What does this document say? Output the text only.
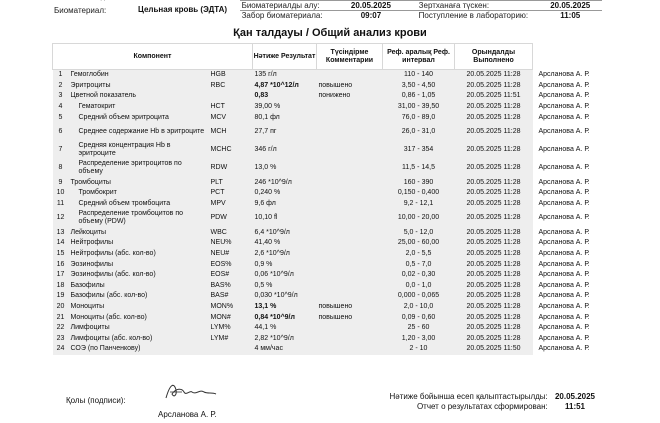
Биоматериал:	Цельная кровь (ЭДТА)	Биоматериалды алу:	20.05.2025	Зертханаға түскен:	20.05.2025
		Забор биоматериала:	09:07	Поступление в лабораторию:	11:05
Қан талдауы / Общий анализ крови
Компонент			Нәтиже Результат	Түсіндірме Комментарии	Реф. аралық Реф. интервал	Орындалды Выполнено	
1	Гемоглобин	HGB	135 г/л		110 - 140	20.05.2025 11:28	Арсланова А. Р.
2	Эритроциты	RBC	4,87 *10^12/л	повышено	3,50 - 4,50	20.05.2025 11:28	Арсланова А. Р.
3	Цветной показатель		0,83	понижено	0,86 - 1,05	20.05.2025 11:51	Арсланова А. Р.
4	Гематокрит	HCT	39,00 %		31,00 - 39,50	20.05.2025 11:28	Арсланова А. Р.
5	Средний объем эритроцита	MCV	80,1 фл		76,0 - 89,0	20.05.2025 11:28	Арсланова А. Р.
6	Среднее содержание Hb в эритроците	MCH	27,7 пг		26,0 - 31,0	20.05.2025 11:28	Арсланова А. Р.
7	Средняя концентрация Hb в эритроците	MCHC	346 г/л		317 - 354	20.05.2025 11:28	Арсланова А. Р.
8	Распределение эритроцитов по объему	RDW	13,0 %		11,5 - 14,5	20.05.2025 11:28	Арсланова А. Р.
9	Тромбоциты	PLT	246 *10^9/л		160 - 390	20.05.2025 11:28	Арсланова А. Р.
10	Тромбокрит	PCT	0,240 %		0,150 - 0,400	20.05.2025 11:28	Арсланова А. Р.
11	Средний объем тромбоцита	MPV	9,6 фл		9,2 - 12,1	20.05.2025 11:28	Арсланова А. Р.
12	Распределение тромбоцитов по объему (PDW)	PDW	10,10 fl		10,00 - 20,00	20.05.2025 11:28	Арсланова А. Р.
13	Лейкоциты	WBC	6,4 *10^9/л		5,0 - 12,0	20.05.2025 11:28	Арсланова А. Р.
14	Нейтрофилы	NEU%	41,40 %		25,00 - 60,00	20.05.2025 11:28	Арсланова А. Р.
15	Нейтрофилы (абс. кол-во)	NEU#	2,6 *10^9/л		2,0 - 5,5	20.05.2025 11:28	Арсланова А. Р.
16	Эозинофилы	EOS%	0,9 %		0,5 - 7,0	20.05.2025 11:28	Арсланова А. Р.
17	Эозинофилы (абс. кол-во)	EOS#	0,06 *10^9/л		0,02 - 0,30	20.05.2025 11:28	Арсланова А. Р.
18	Базофилы	BAS%	0,5 %		0,0 - 1,0	20.05.2025 11:28	Арсланова А. Р.
19	Базофилы (абс. кол-во)	BAS#	0,030 *10^9/л		0,000 - 0,065	20.05.2025 11:28	Арсланова А. Р.
20	Моноциты	MON%	13,1 %	повышено	2,0 - 10,0	20.05.2025 11:28	Арсланова А. Р.
21	Моноциты (абс. кол-во)	MON#	0,84 *10^9/л	повышено	0,09 - 0,60	20.05.2025 11:28	Арсланова А. Р.
22	Лимфоциты	LYM%	44,1 %		25 - 60	20.05.2025 11:28	Арсланова А. Р.
23	Лимфоциты (абс. кол-во)	LYM#	2,82 *10^9/л		1,20 - 3,00	20.05.2025 11:28	Арсланова А. Р.
24	СОЭ (по Панченкову)		4 мм/час		2 - 10	20.05.2025 11:50	Арсланова А. Р.
Қолы (подписи):
Арсланова А. Р.
Нәтиже бойынша есеп қалыптастырылды: 20.05.2025
Отчет о результатах сформирован: 11:51
